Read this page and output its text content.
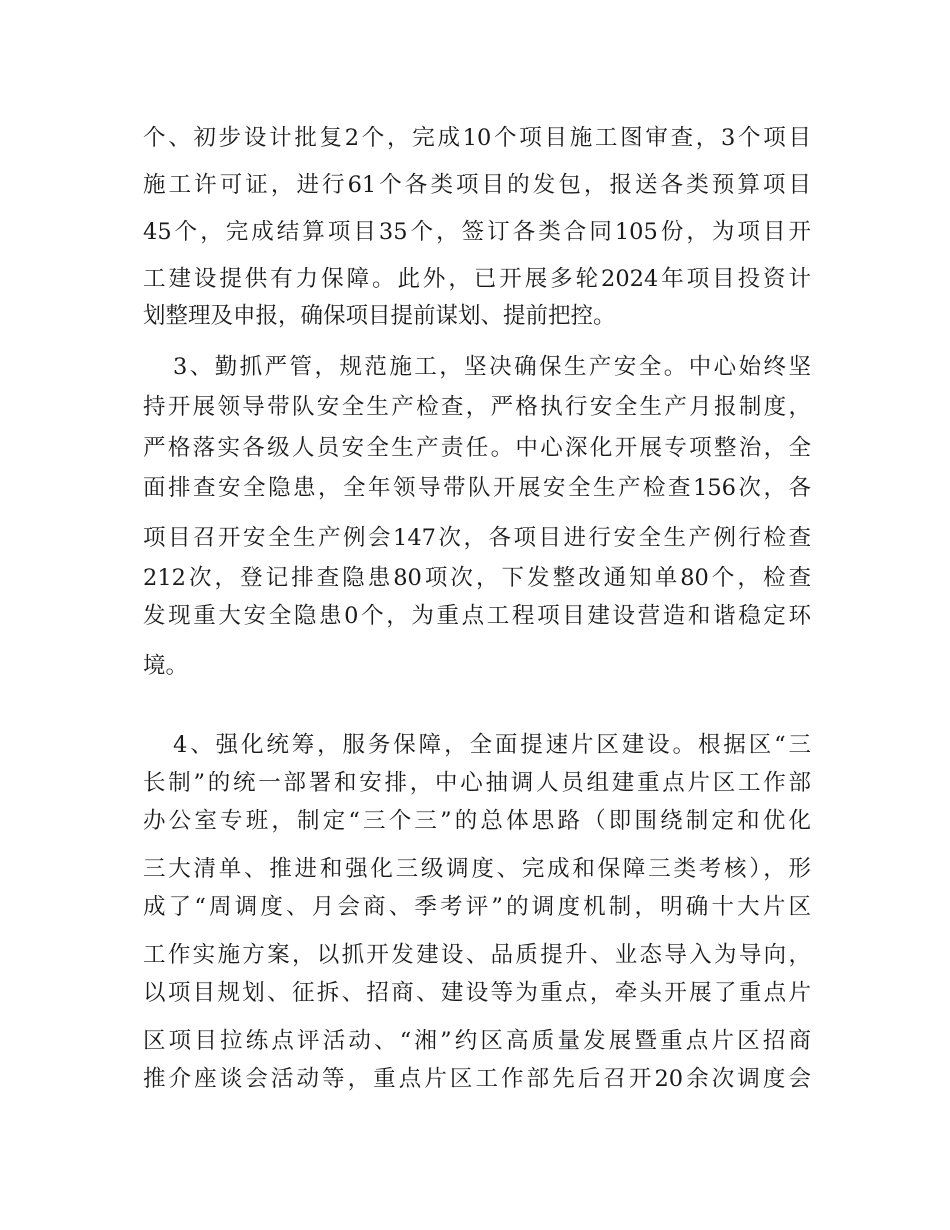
个、初步设计批复2个，完成10个项目施工图审查，3个项目

施工许可证，进行61个各类项目的发包，报送各类预算项目

45个，完成结算项目35个，签订各类合同105份，为项目开

工建设提供有力保障。此外，已开展多轮2024年项目投资计

划整理及申报，确保项目提前谋划、提前把控。

3、勤抓严管，规范施工，坚决确保生产安全。中心始终坚

持开展领导带队安全生产检查，严格执行安全生产月报制度，

严格落实各级人员安全生产责任。中心深化开展专项整治，全

面排查安全隐患，全年领导带队开展安全生产检查156次，各

项目召开安全生产例会147次，各项目进行安全生产例行检查

212次，登记排查隐患80项次，下发整改通知单80个，检查

发现重大安全隐患0个，为重点工程项目建设营造和谐稳定环

境。

4、强化统筹，服务保障，全面提速片区建设。根据区“三

长制”的统一部署和安排，中心抽调人员组建重点片区工作部

办公室专班，制定“三个三”的总体思路（即围绕制定和优化

三大清单、推进和强化三级调度、完成和保障三类考核），形

成了“周调度、月会商、季考评”的调度机制，明确十大片区

工作实施方案，以抓开发建设、品质提升、业态导入为导向，

以项目规划、征拆、招商、建设等为重点，牵头开展了重点片

区项目拉练点评活动、“湘”约区高质量发展暨重点片区招商

推介座谈会活动等，重点片区工作部先后召开20余次调度会
